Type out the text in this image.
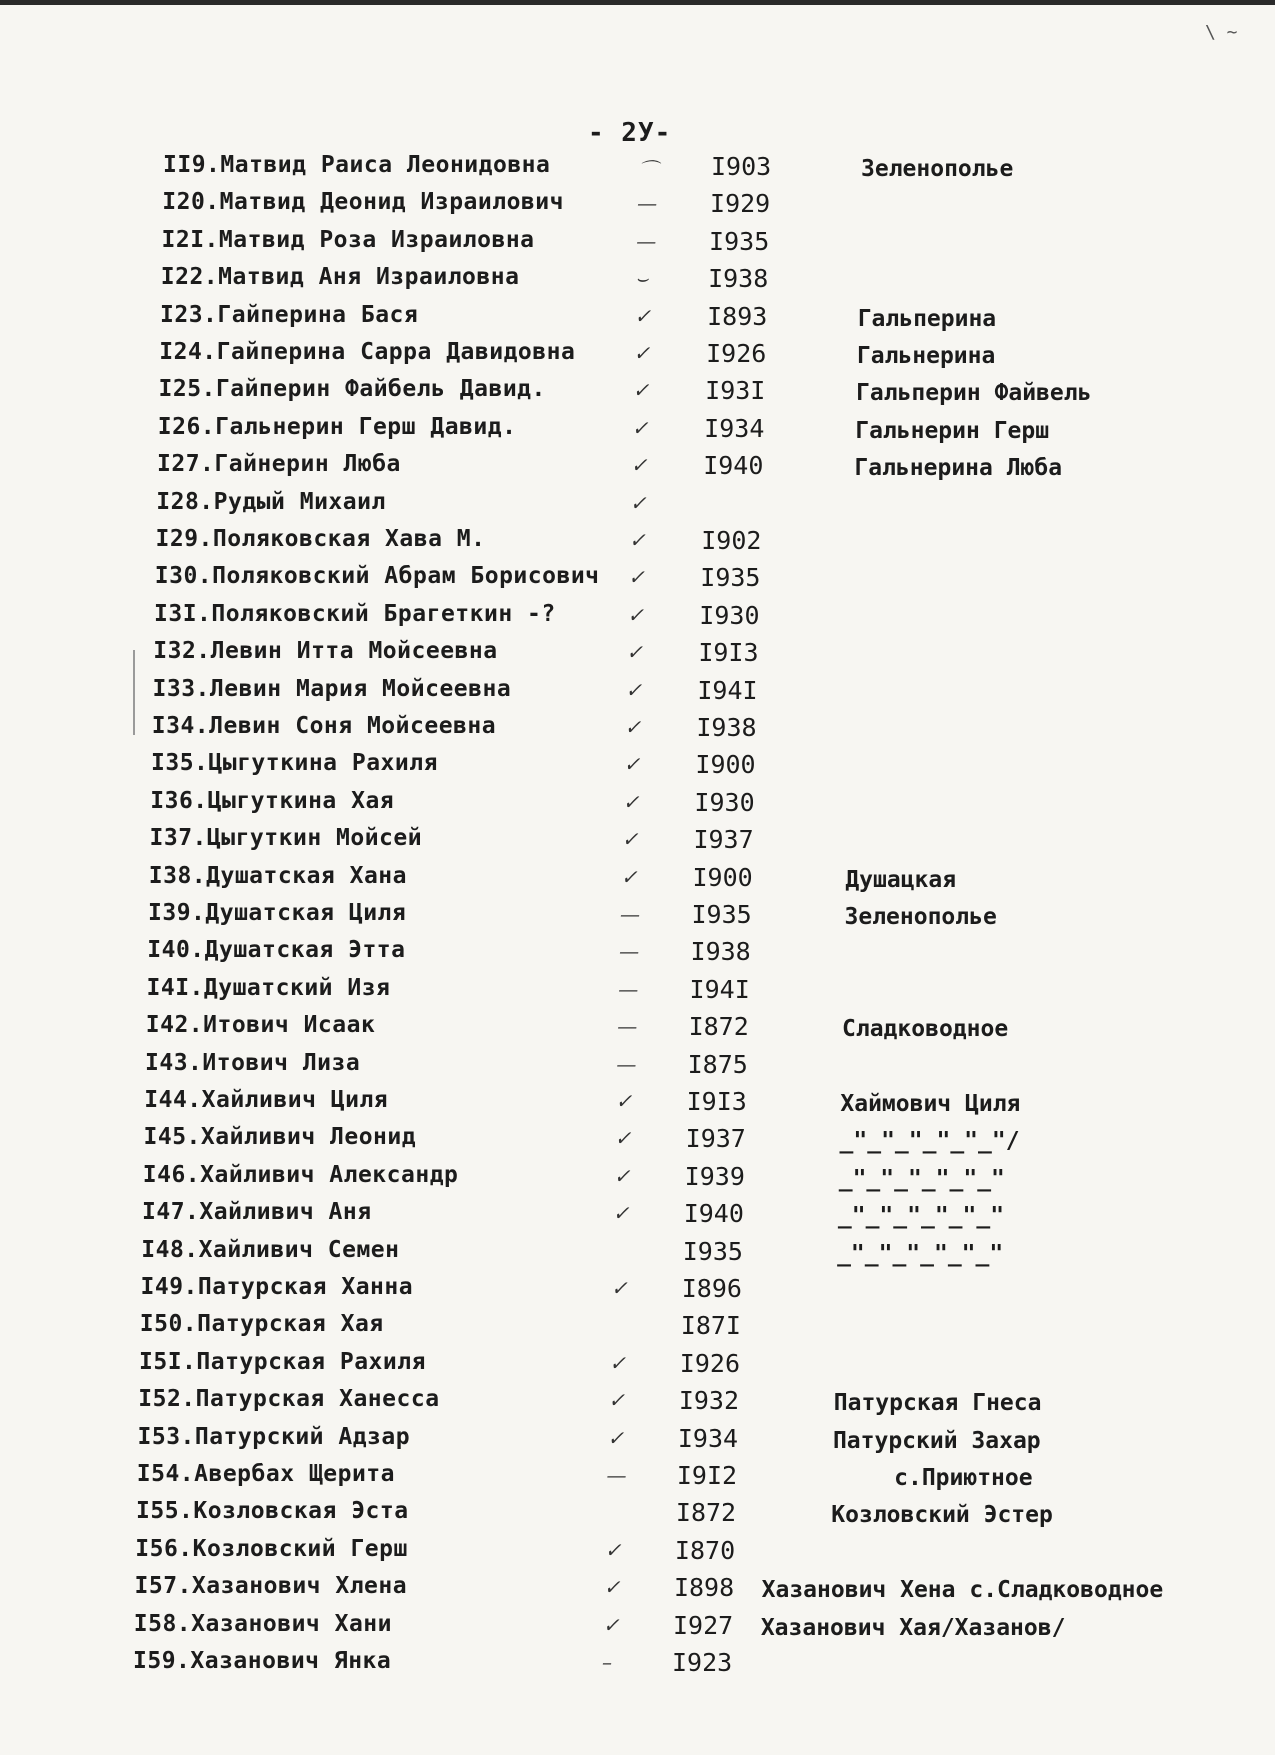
\ ~
- 2У-
II9.Матвид Раиса Леонидовна	⌒ I903	Зеленополье
I20.Матвид Деонид Израилович	— I929
I2I.Матвид Роза Израиловна	— I935
I22.Матвид Аня Израиловна	⌣ I938
I23.Гайперина Бася	✓ I893	Гальперина
I24.Гайперина Сарра Давидовна	✓ I926	Гальнерина
I25.Гайперин Файбель Давид.	✓ I93I	Гальперин Файвель
I26.Гальнерин Герш Давид.	✓ I934	Гальнерин Герш
I27.Гайнерин Люба	✓ I940	Гальнерина Люба
I28.Рудый Михаил	✓
I29.Поляковская Хава М.	✓ I902
I30.Поляковский Абрам Борисович ✓ I935
I3I.Поляковский Брагеткин -?	✓ I930
I32.Левин Итта Мойсеевна	✓ I9I3
I33.Левин Мария Мойсеевна	✓ I94I
I34.Левин Соня Мойсеевна	✓ I938
I35.Цыгуткина Рахиля	✓ I900
I36.Цыгуткина Хая	✓ I930
I37.Цыгуткин Мойсей	✓ I937
I38.Душатская Хана	✓ I900	Душацкая
I39.Душатская Циля	— I935	Зеленополье
I40.Душатская Этта	— I938
I4I.Душатский Изя	— I94I
I42.Итович Исаак	— I872	Сладководное
I43.Итович Лиза	— I875
I44.Хайливич Циля	✓ I9I3	Хаймович Циля
I45.Хайливич Леонид	✓ I937	_"_"_"_"_"_"/
I46.Хайливич Александр	✓ I939	_"_"_"_"_"_"
I47.Хайливич Аня	✓ I940	_"_"_"_"_"_"
I48.Хайливич Семен	I935	_"_"_"_"_"_"
I49.Патурская Ханна	✓ I896
I50.Патурская Хая	I87I
I5I.Патурская Рахиля	✓ I926
I52.Патурская Ханесса	✓ I932	Патурская Гнеса
I53.Патурский Адзар	✓ I934	Патурский Захар
I54.Авербах Щерита	— I9I2	с.Приютное
I55.Козловская Эста	I872	Козловский Эстер
I56.Козловский Герш	✓ I870
I57.Хазанович Хлена	✓ I898 Хазанович Хена с.Сладководное
I58.Хазанович Хани	✓ I927 Хазанович Хая/Хазанов/
I59.Хазанович Янка	– I923
